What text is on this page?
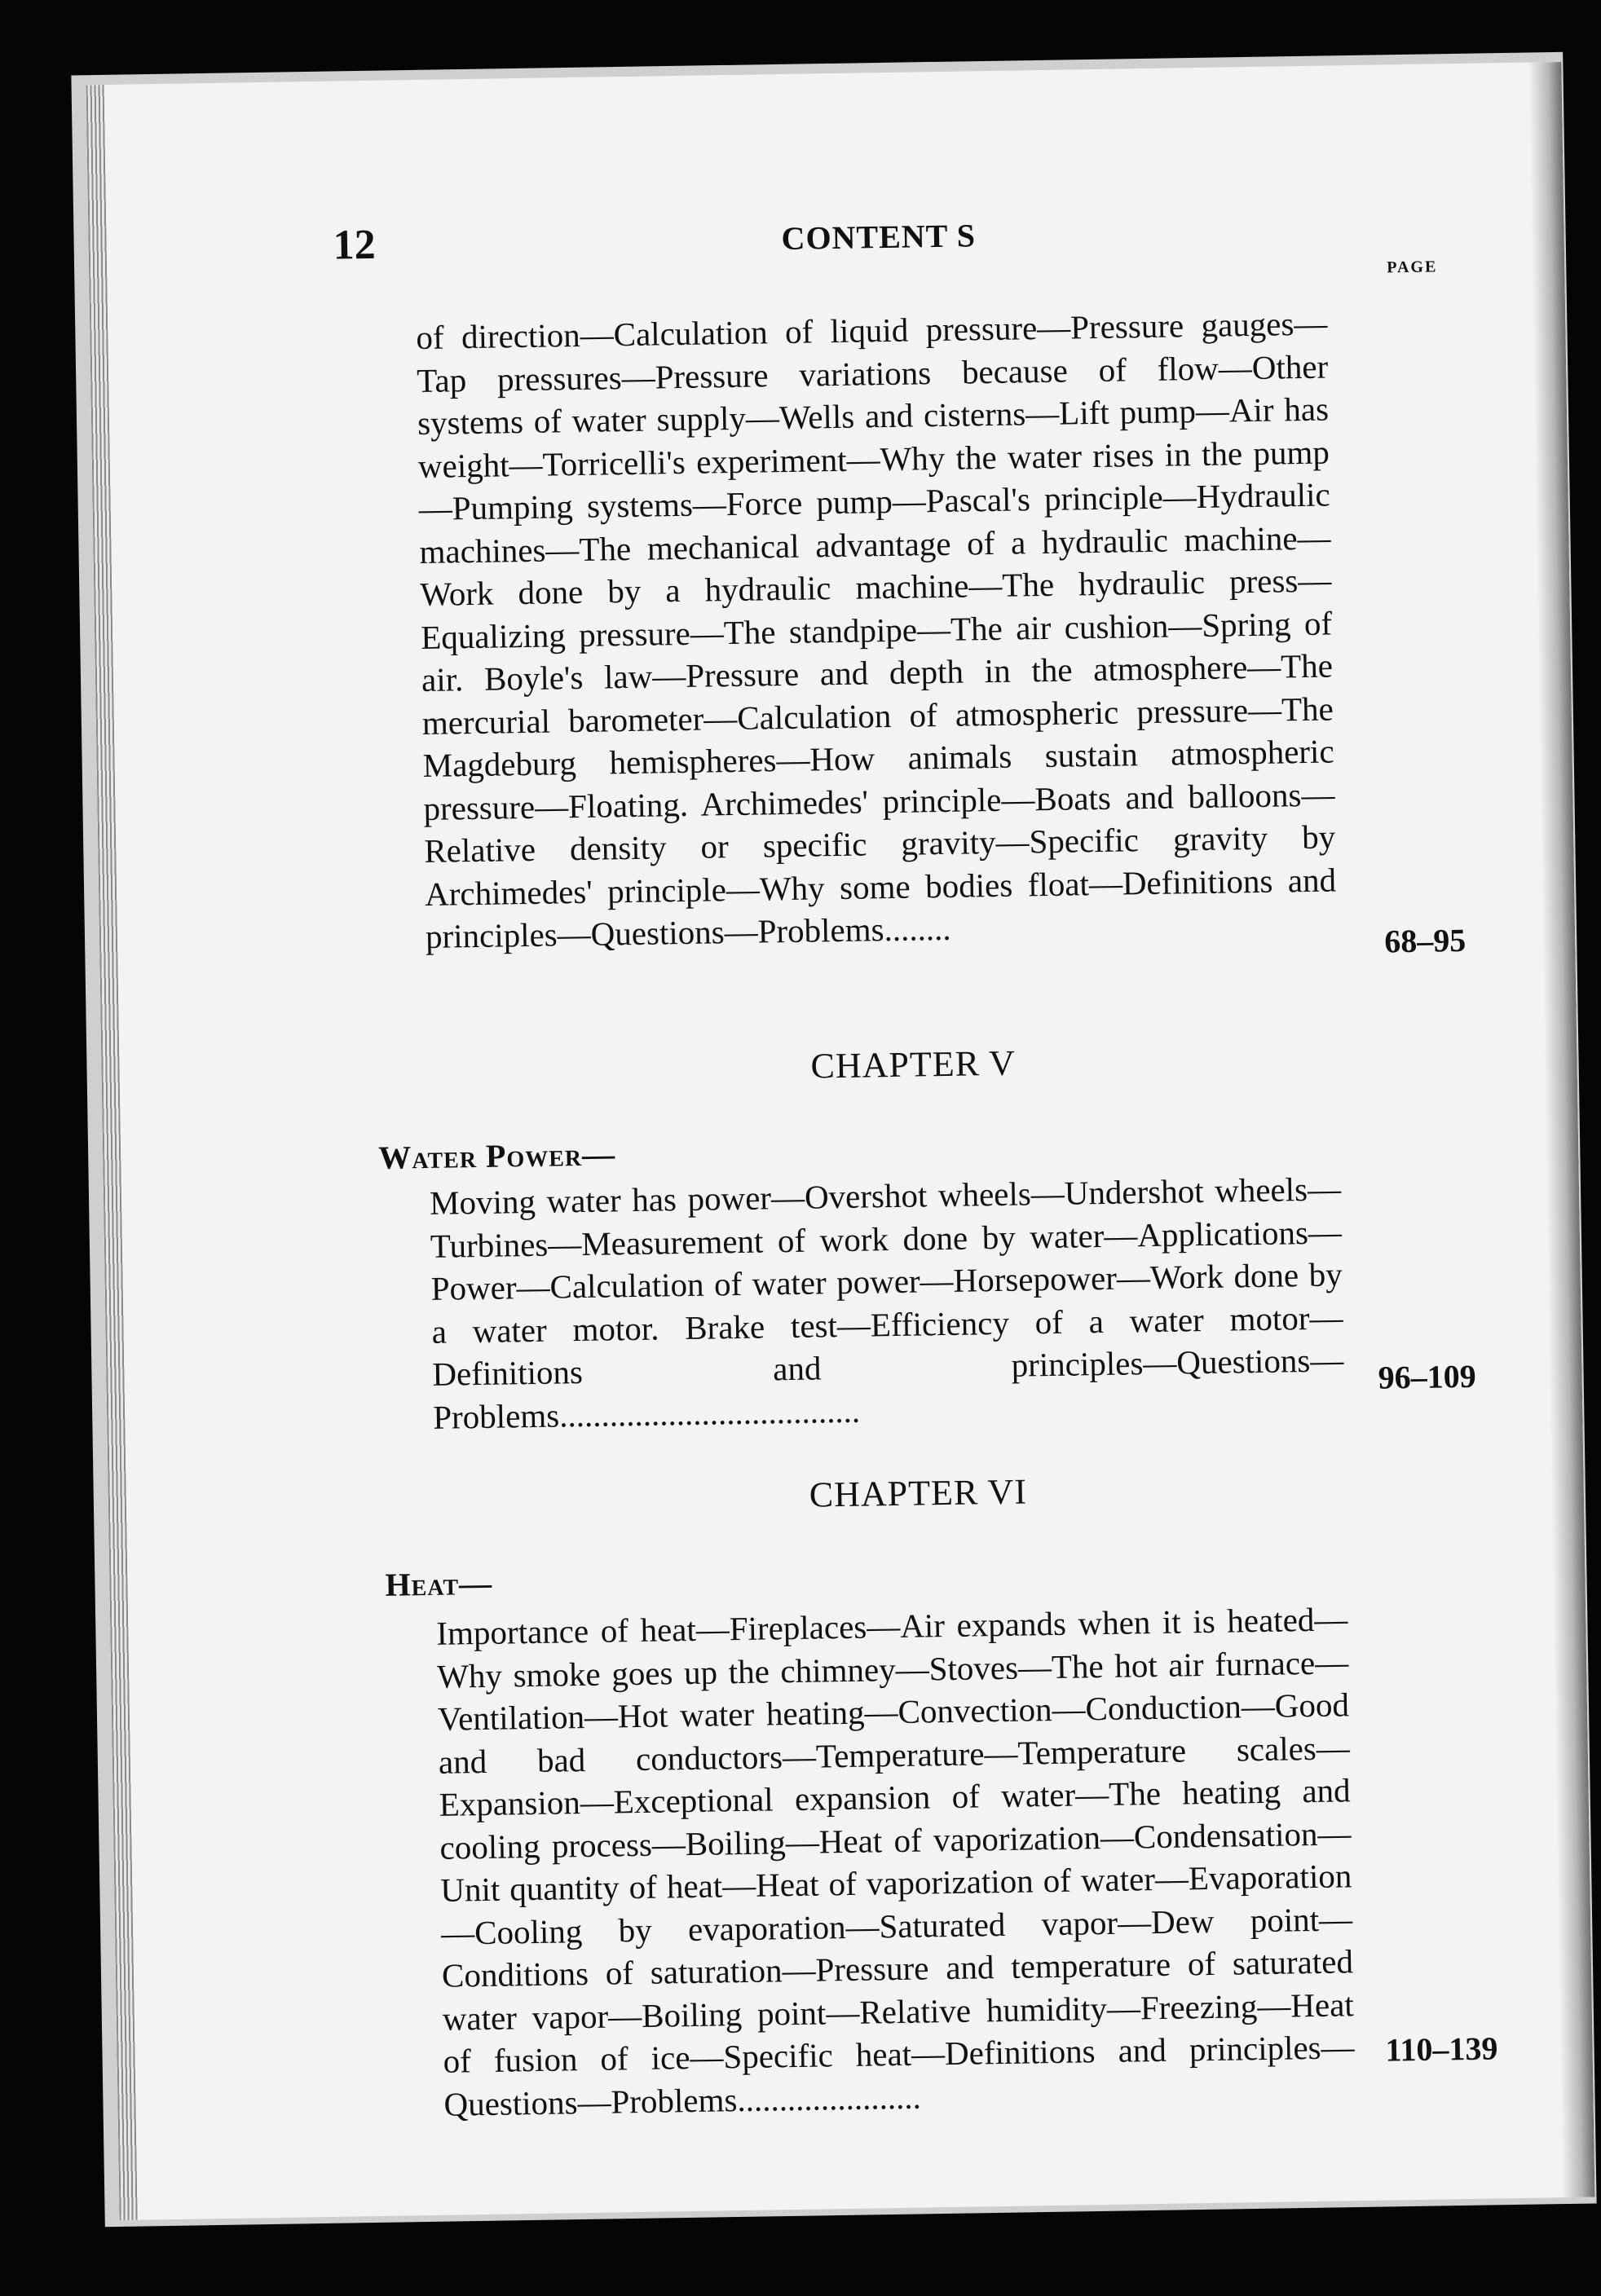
12	CONTENT S
PAGE
of direction—Calculation of liquid pressure—Pressure gauges—Tap pressures—Pressure variations because of flow—Other systems of water supply—Wells and cisterns—Lift pump—Air has weight—Torricelli's experiment—Why the water rises in the pump—Pumping systems—Force pump—Pascal's principle—Hydraulic machines—The mechanical advantage of a hydraulic machine—Work done by a hydraulic machine—The hydraulic press—Equalizing pressure—The standpipe—The air cushion—Spring of air. Boyle's law—Pressure and depth in the atmosphere—The mercurial barometer—Calculation of atmospheric pressure—The Magdeburg hemispheres—How animals sustain atmospheric pressure—Floating. Archimedes' principle—Boats and balloons—Relative density or specific gravity—Specific gravity by Archimedes' principle—Why some bodies float—Definitions and principles—Questions—Problems........	68–95
CHAPTER V
Water Power—
Moving water has power—Overshot wheels—Undershot wheels—Turbines—Measurement of work done by water—Applications—Power—Calculation of water power—Horsepower—Work done by a water motor. Brake test—Efficiency of a water motor—Definitions and principles—Questions—Problems....................................
96–109
CHAPTER VI
Heat—
Importance of heat—Fireplaces—Air expands when it is heated—Why smoke goes up the chimney—Stoves—The hot air furnace—Ventilation—Hot water heating—Convection—Conduction—Good and bad conductors—Temperature—Temperature scales—Expansion—Exceptional expansion of water—The heating and cooling process—Boiling—Heat of vaporization—Condensation—Unit quantity of heat—Heat of vaporization of water—Evaporation—Cooling by evaporation—Saturated vapor—Dew point—Conditions of saturation—Pressure and temperature of saturated water vapor—Boiling point—Relative humidity—Freezing—Heat of fusion of ice—Specific heat—Definitions and principles—Questions—Problems......................
110–139
